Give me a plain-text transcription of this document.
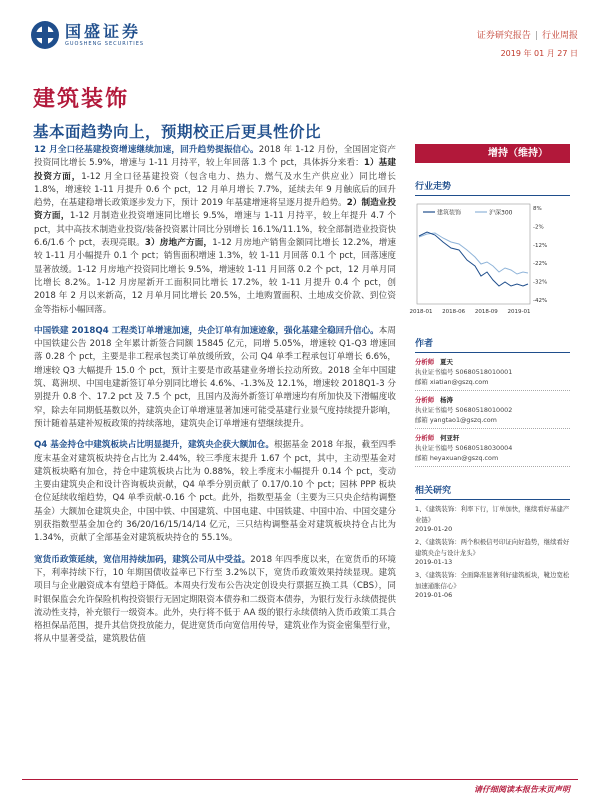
国盛证券
GUOSHENG SECURITIES
证券研究报告 | 行业周报
2019 年 01 月 27 日
建筑装饰
基本面趋势向上，预期校正后更具性价比

12 月全口径基建投资增速继续加速，回升趋势提振信心。2018 年 1-12 月份，全国固定资产投资同比增长 5.9%，增速与 1-11 月持平，较上年回落 1.3 个 pct，具体拆分来看：1）基建投资方面，1-12 月全口径基建投资（包含电力、热力、燃气及水生产供应业）同比增长 1.8%，增速较 1-11 月提升 0.6 个 pct，12 月单月增长 7.7%，延续去年 9 月触底后的回升趋势，在基建稳增长政策逐步发力下，预计 2019 年基建增速将呈逐月提升趋势。2）制造业投资方面，1-12 月制造业投资增速同比增长 9.5%，增速与 1-11 月持平，较上年提升 4.7 个 pct，其中高技术制造业投资/装备投资累计同比分别增长 16.1%/11.1%，较全部制造业投资快 6.6/1.6 个 pct，表现亮眼。3）房地产方面，1-12 月房地产销售金额同比增长 12.2%，增速较 1-11 月小幅提升 0.1 个 pct；销售面积增速 1.3%，较 1-11 月回落 0.1 个 pct，回落速度显著放缓。1-12 月房地产投资同比增长 9.5%，增速较 1-11 月回落 0.2 个 pct，12 月单月同比增长 8.2%。1-12 月房屋新开工面积同比增长 17.2%，较 1-11 月提升 0.4 个 pct，创 2018 年 2 月以来新高，12 月单月同比增长 20.5%，土地购置面积、土地成交价款、到位资金等指标小幅回落。

中国铁建 2018Q4 工程类订单增速加速，央企订单有加速迹象，强化基建全稳回升信心。本周中国铁建公告 2018 全年累计新签合同额 15845 亿元，同增 5.05%，增速较 Q1-Q3 增速回落 0.28 个 pct，主要是非工程承包类订单放缓所致，公司 Q4 单季工程承包订单增长 6.6%，增速较 Q3 大幅提升 15.0 个 pct，预计主要是市政基建业务增长拉动所致。2018 全年中国建筑、葛洲坝、中国电建新签订单分别同比增长 4.6%、-1.3%及 12.1%，增速较 2018Q1-3 分别提升 0.8 个、17.2 pct 及 7.5 个 pct，且国内及海外新签订单增速均有所加快及下滑幅度收窄，除去年同期低基数以外，建筑央企订单增速显著加速可能受基建行业景气度持续提升影响，预计随着基建补短板政策的持续落地，建筑央企订单增速有望继续提升。

Q4 基金持仓中建筑板块占比明显提升，建筑央企获大额加仓。根据基金 2018 年报，截至四季度末基金对建筑板块持仓占比为 2.44%，较三季度末提升 1.67 个 pct，其中，主动型基金对建筑板块略有加仓，持仓中建筑板块占比为 0.88%，较上季度末小幅提升 0.14 个 pct，变动主要由建筑央企和设计咨询板块贡献，Q4 单季分别贡献了 0.17/0.10 个 pct；园林 PPP 板块仓位延续收缩趋势，Q4 单季贡献-0.16 个 pct。此外，指数型基金（主要为三只央企结构调整基金）大额加仓建筑央企，中国中铁、中国建筑、中国电建、中国铁建、中国中冶、中国交建分别获指数型基金加仓约 36/20/16/15/14/14 亿元，三只结构调整基金对建筑板块持仓占比为 1.34%，贡献了全部基金对建筑板块持仓的 55.1%。

宽货币政策延续，宽信用持续加码，建筑公司从中受益。2018 年四季度以来，在宽货币的环境下，利率持续下行，10 年期国债收益率已下行至 3.2%以下，宽货币政策效果持续显现。建筑项目与企业融资成本有望趋于降低。本周央行发布公告决定创设央行票据互换工具（CBS），同时银保监会允许保险机构投资银行无固定期限资本债券和二级资本债券，为银行发行永续债提供流动性支持，补充银行一级资本。此外，央行将不低于 AA 级的银行永续债纳入货币政策工具合格担保品范围，提升其信贷投放能力，促进宽货币向宽信用传导，建筑业作为资金密集型行业，将从中显著受益，建筑股估值

增持（维持）
行业走势
8%
-2%
-12%
-22%
-32%
-42%
2018-01 2018-06 2018-09 2019-01
建筑装饰	沪深300
作者
分析师 夏天
执业证书编号 S0680518010001
邮箱 xiatian@gszq.com
分析师 杨涛
执业证书编号 S0680518010002
邮箱 yangtao1@gszq.com
分析师 何亚轩
执业证书编号 S0680518030004
邮箱 heyaxuan@gszq.com
相关研究
1、《建筑装饰：利率下行，订单加快，继续看好基建产业链》
2019-01-20
2、《建筑装饰：两个积极信号印证向好趋势，继续看好建筑央企与设计龙头》
2019-01-13
3、《建筑装饰：全面降准显著利好建筑板块，靴边宽松加速通胀信心》
2019-01-06
请仔细阅读本报告末页声明
